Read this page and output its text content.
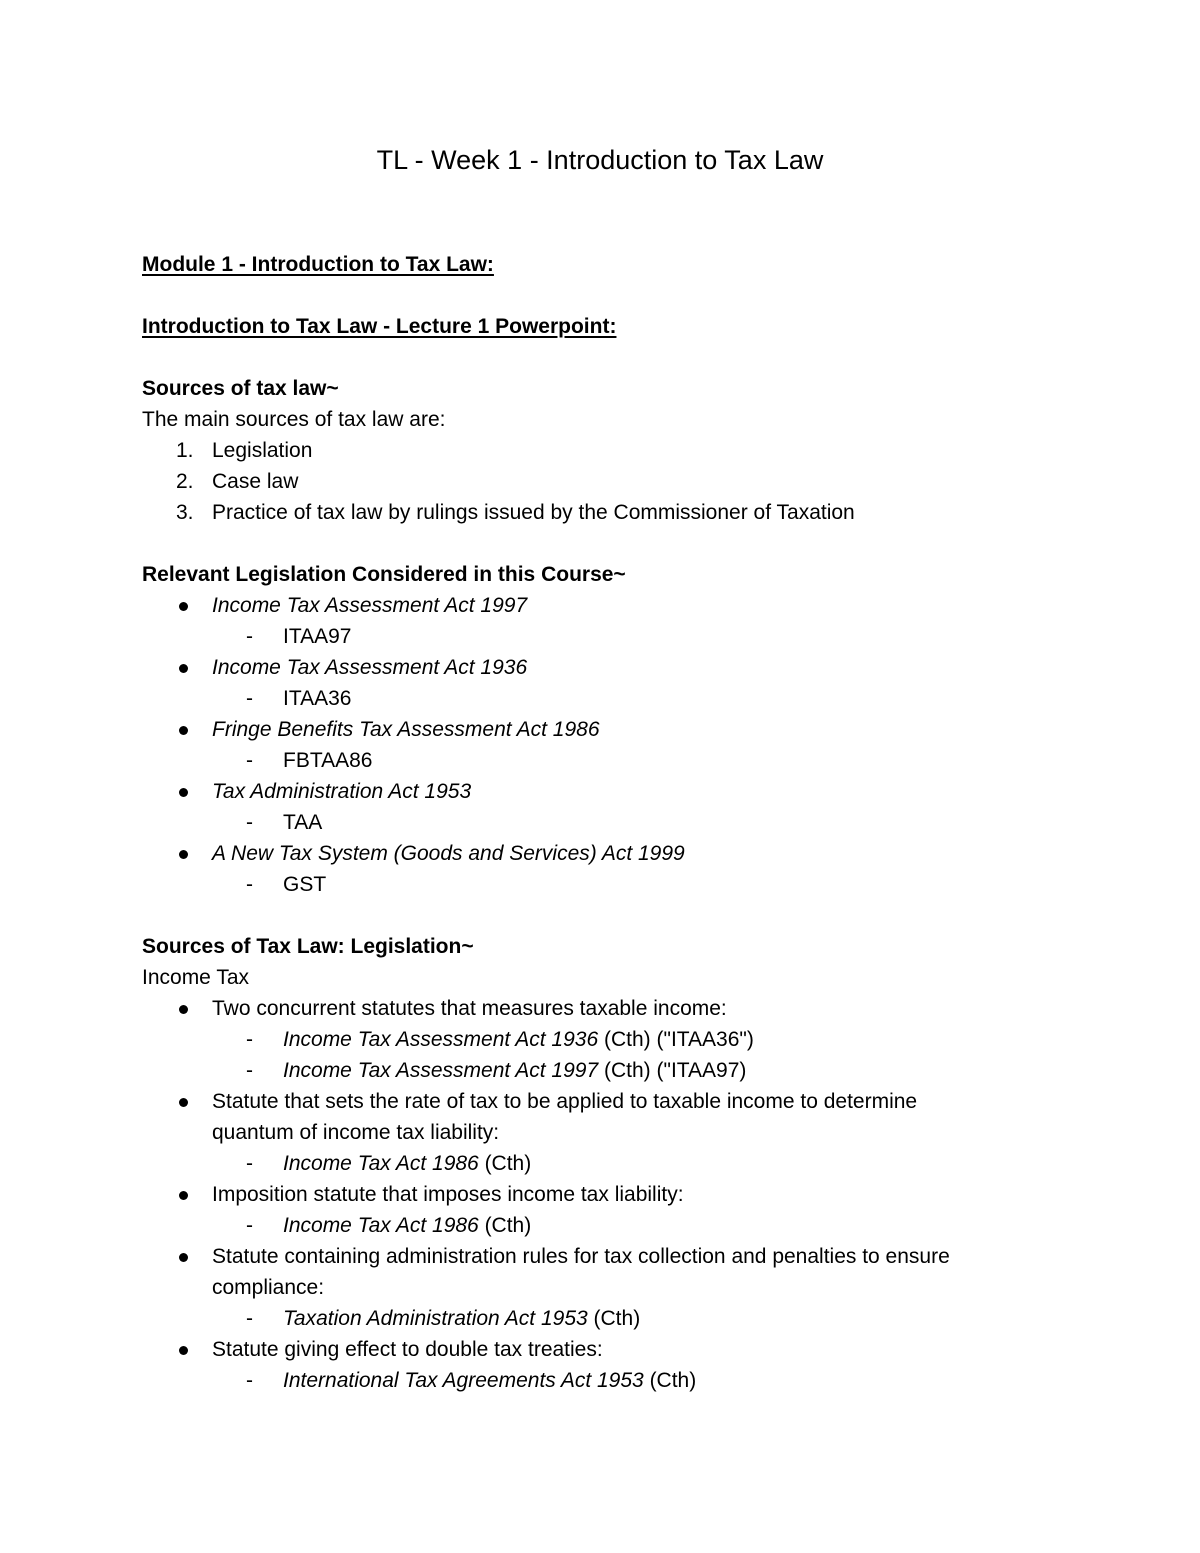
TL - Week 1 - Introduction to Tax Law
Module 1 - Introduction to Tax Law:
Introduction to Tax Law - Lecture 1 Powerpoint:
Sources of tax law~
The main sources of tax law are:
1. Legislation
2. Case law
3. Practice of tax law by rulings issued by the Commissioner of Taxation
Relevant Legislation Considered in this Course~
Income Tax Assessment Act 1997
- ITAA97
Income Tax Assessment Act 1936
- ITAA36
Fringe Benefits Tax Assessment Act 1986
- FBTAA86
Tax Administration Act 1953
- TAA
A New Tax System (Goods and Services) Act 1999
- GST
Sources of Tax Law: Legislation~
Income Tax
Two concurrent statutes that measures taxable income:
- Income Tax Assessment Act 1936 (Cth) ("ITAA36")
- Income Tax Assessment Act 1997 (Cth) ("ITAA97)
Statute that sets the rate of tax to be applied to taxable income to determine
quantum of income tax liability:
- Income Tax Act 1986 (Cth)
Imposition statute that imposes income tax liability:
- Income Tax Act 1986 (Cth)
Statute containing administration rules for tax collection and penalties to ensure
compliance:
- Taxation Administration Act 1953 (Cth)
Statute giving effect to double tax treaties:
- International Tax Agreements Act 1953 (Cth)
